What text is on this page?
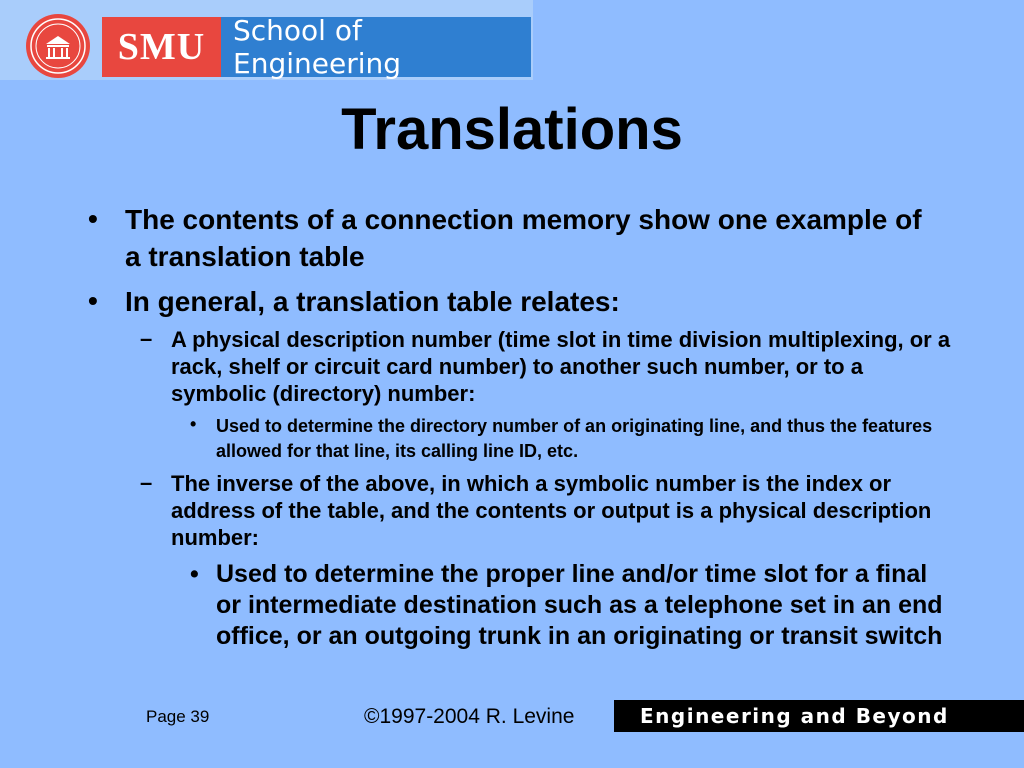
SMU School of Engineering
Translations
• The contents of a connection memory show one example of a translation table
• In general, a translation table relates:
– A physical description number (time slot in time division multiplexing, or a rack, shelf or circuit card number) to another such number, or to a symbolic (directory) number:
• Used to determine the directory number of an originating line, and thus the features allowed for that line, its calling line ID, etc.
– The inverse of the above, in which a symbolic number is the index or address of the table, and the contents or output is a physical description number:
• Used to determine the proper line and/or time slot for a final or intermediate destination such as a telephone set in an end office, or an outgoing trunk in an originating or transit switch
Page 39	©1997-2004 R. Levine	Engineering and Beyond
